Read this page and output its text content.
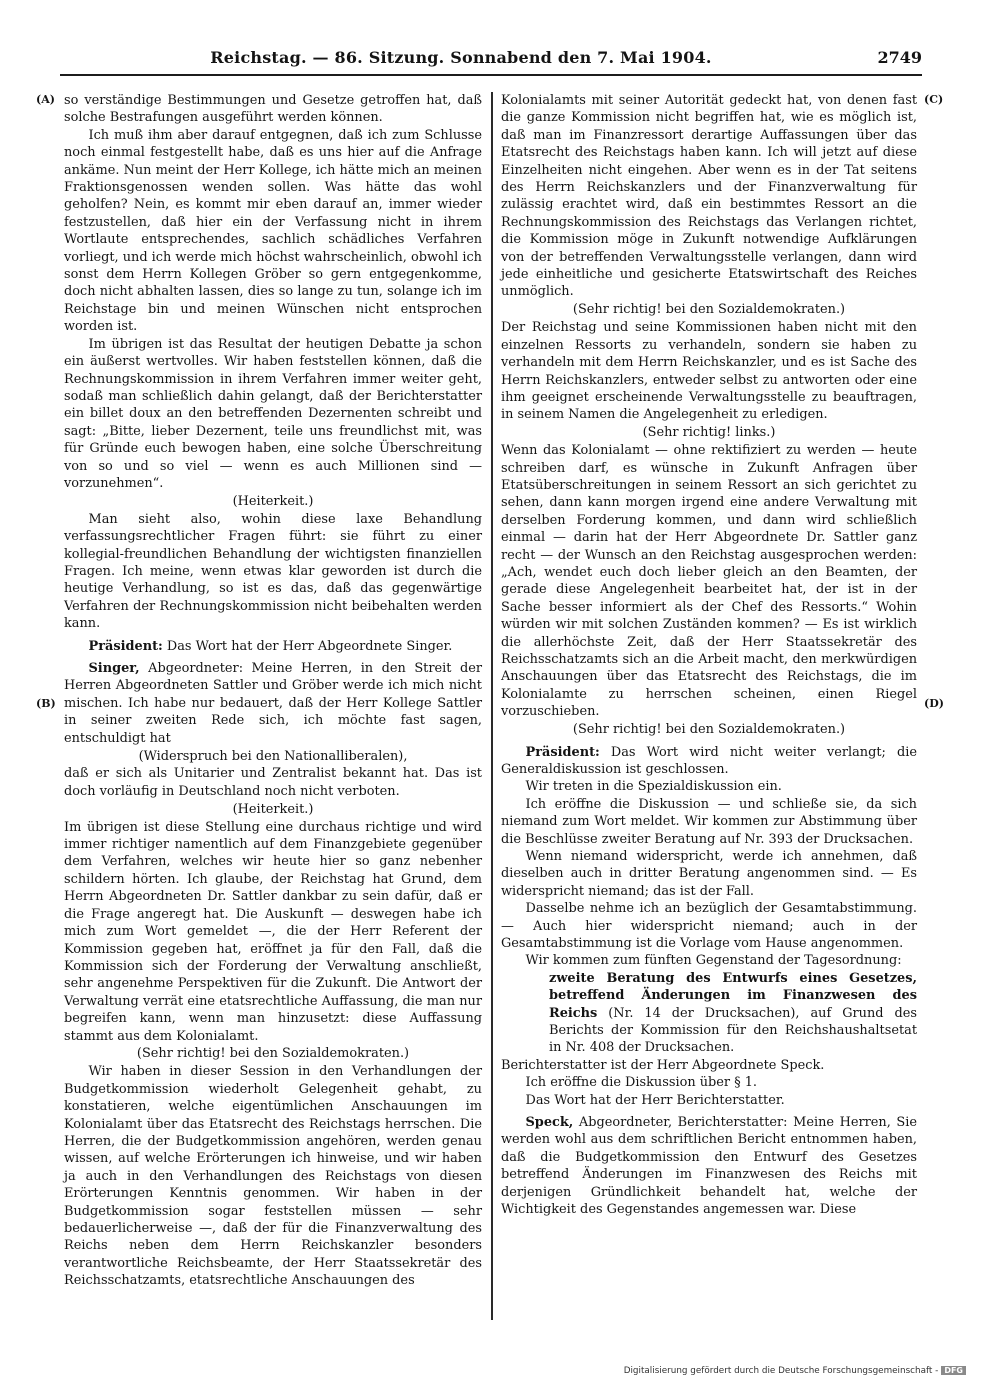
Reichstag. — 86. Sitzung. Sonnabend den 7. Mai 1904.	2749
(A)
(B)
(C)
(D)

so verständige Bestimmungen und Gesetze getroffen hat, daß solche Bestrafungen ausgeführt werden können.

Ich muß ihm aber darauf entgegnen, daß ich zum Schlusse noch einmal festgestellt habe, daß es uns hier auf die Anfrage ankäme. Nun meint der Herr Kollege, ich hätte mich an meinen Fraktionsgenossen wenden sollen. Was hätte das wohl geholfen? Nein, es kommt mir eben darauf an, immer wieder festzustellen, daß hier ein der Verfassung nicht in ihrem Wortlaute entsprechendes, sachlich schädliches Verfahren vorliegt, und ich werde mich höchst wahrscheinlich, obwohl ich sonst dem Herrn Kollegen Gröber so gern entgegenkomme, doch nicht abhalten lassen, dies so lange zu tun, solange ich im Reichstage bin und meinen Wünschen nicht entsprochen worden ist.

Im übrigen ist das Resultat der heutigen Debatte ja schon ein äußerst wertvolles. Wir haben feststellen können, daß die Rechnungskommission in ihrem Verfahren immer weiter geht, sodaß man schließlich dahin gelangt, daß der Berichterstatter ein billet doux an den betreffenden Dezernenten schreibt und sagt: „Bitte, lieber Dezernent, teile uns freundlichst mit, was für Gründe euch bewogen haben, eine solche Überschreitung von so und so viel — wenn es auch Millionen sind — vorzunehmen“.

(Heiterkeit.)

Man sieht also, wohin diese laxe Behandlung verfassungsrechtlicher Fragen führt: sie führt zu einer kollegial-freundlichen Behandlung der wichtigsten finanziellen Fragen. Ich meine, wenn etwas klar geworden ist durch die heutige Verhandlung, so ist es das, daß das gegenwärtige Verfahren der Rechnungskommission nicht beibehalten werden kann.

Präsident: Das Wort hat der Herr Abgeordnete Singer.

Singer, Abgeordneter: Meine Herren, in den Streit der Herren Abgeordneten Sattler und Gröber werde ich mich nicht mischen. Ich habe nur bedauert, daß der Herr Kollege Sattler in seiner zweiten Rede sich, ich möchte fast sagen, entschuldigt hat

(Widerspruch bei den Nationalliberalen),

daß er sich als Unitarier und Zentralist bekannt hat. Das ist doch vorläufig in Deutschland noch nicht verboten.

(Heiterkeit.)

Im übrigen ist diese Stellung eine durchaus richtige und wird immer richtiger namentlich auf dem Finanzgebiete gegenüber dem Verfahren, welches wir heute hier so ganz nebenher schildern hörten. Ich glaube, der Reichstag hat Grund, dem Herrn Abgeordneten Dr. Sattler dankbar zu sein dafür, daß er die Frage angeregt hat. Die Auskunft — deswegen habe ich mich zum Wort gemeldet —, die der Herr Referent der Kommission gegeben hat, eröffnet ja für den Fall, daß die Kommission sich der Forderung der Verwaltung anschließt, sehr angenehme Perspektiven für die Zukunft. Die Antwort der Verwaltung verrät eine etatsrechtliche Auffassung, die man nur begreifen kann, wenn man hinzusetzt: diese Auffassung stammt aus dem Kolonialamt.

(Sehr richtig! bei den Sozialdemokraten.)

Wir haben in dieser Session in den Verhandlungen der Budgetkommission wiederholt Gelegenheit gehabt, zu konstatieren, welche eigentümlichen Anschauungen im Kolonialamt über das Etatsrecht des Reichstags herrschen. Die Herren, die der Budgetkommission angehören, werden genau wissen, auf welche Erörterungen ich hinweise, und wir haben ja auch in den Verhandlungen des Reichstags von diesen Erörterungen Kenntnis genommen. Wir haben in der Budgetkommission sogar feststellen müssen — sehr bedauerlicherweise —, daß der für die Finanzverwaltung des Reichs neben dem Herrn Reichskanzler besonders verantwortliche Reichsbeamte, der Herr Staatssekretär des Reichsschatzamts, etatsrechtliche Anschauungen des

Kolonialamts mit seiner Autorität gedeckt hat, von denen fast die ganze Kommission nicht begriffen hat, wie es möglich ist, daß man im Finanzressort derartige Auffassungen über das Etatsrecht des Reichstags haben kann. Ich will jetzt auf diese Einzelheiten nicht eingehen. Aber wenn es in der Tat seitens des Herrn Reichskanzlers und der Finanzverwaltung für zulässig erachtet wird, daß ein bestimmtes Ressort an die Rechnungskommission des Reichstags das Verlangen richtet, die Kommission möge in Zukunft notwendige Aufklärungen von der betreffenden Verwaltungsstelle verlangen, dann wird jede einheitliche und gesicherte Etatswirtschaft des Reiches unmöglich.

(Sehr richtig! bei den Sozialdemokraten.)

Der Reichstag und seine Kommissionen haben nicht mit den einzelnen Ressorts zu verhandeln, sondern sie haben zu verhandeln mit dem Herrn Reichskanzler, und es ist Sache des Herrn Reichskanzlers, entweder selbst zu antworten oder eine ihm geeignet erscheinende Verwaltungsstelle zu beauftragen, in seinem Namen die Angelegenheit zu erledigen.

(Sehr richtig! links.)

Wenn das Kolonialamt — ohne rektifiziert zu werden — heute schreiben darf, es wünsche in Zukunft Anfragen über Etatsüberschreitungen in seinem Ressort an sich gerichtet zu sehen, dann kann morgen irgend eine andere Verwaltung mit derselben Forderung kommen, und dann wird schließlich einmal — darin hat der Herr Abgeordnete Dr. Sattler ganz recht — der Wunsch an den Reichstag ausgesprochen werden: „Ach, wendet euch doch lieber gleich an den Beamten, der gerade diese Angelegenheit bearbeitet hat, der ist in der Sache besser informiert als der Chef des Ressorts.“ Wohin würden wir mit solchen Zuständen kommen? — Es ist wirklich die allerhöchste Zeit, daß der Herr Staatssekretär des Reichsschatzamts sich an die Arbeit macht, den merkwürdigen Anschauungen über das Etatsrecht des Reichstags, die im Kolonialamte zu herrschen scheinen, einen Riegel vorzuschieben.

(Sehr richtig! bei den Sozialdemokraten.)

Präsident: Das Wort wird nicht weiter verlangt; die Generaldiskussion ist geschlossen.

Wir treten in die Spezialdiskussion ein.

Ich eröffne die Diskussion — und schließe sie, da sich niemand zum Wort meldet. Wir kommen zur Abstimmung über die Beschlüsse zweiter Beratung auf Nr. 393 der Drucksachen.

Wenn niemand widerspricht, werde ich annehmen, daß dieselben auch in dritter Beratung angenommen sind. — Es widerspricht niemand; das ist der Fall.

Dasselbe nehme ich an bezüglich der Gesamtabstimmung. — Auch hier widerspricht niemand; auch in der Gesamtabstimmung ist die Vorlage vom Hause angenommen.

Wir kommen zum fünften Gegenstand der Tagesordnung:

zweite Beratung des Entwurfs eines Gesetzes, betreffend Änderungen im Finanzwesen des Reichs (Nr. 14 der Drucksachen), auf Grund des Berichts der Kommission für den Reichshaushaltsetat in Nr. 408 der Drucksachen.

Berichterstatter ist der Herr Abgeordnete Speck.

Ich eröffne die Diskussion über § 1.

Das Wort hat der Herr Berichterstatter.

Speck, Abgeordneter, Berichterstatter: Meine Herren, Sie werden wohl aus dem schriftlichen Bericht entnommen haben, daß die Budgetkommission den Entwurf des Gesetzes betreffend Änderungen im Finanzwesen des Reichs mit derjenigen Gründlichkeit behandelt hat, welche der Wichtigkeit des Gegenstandes angemessen war. Diese

Digitalisierung gefördert durch die Deutsche Forschungsgemeinschaft - DFG
